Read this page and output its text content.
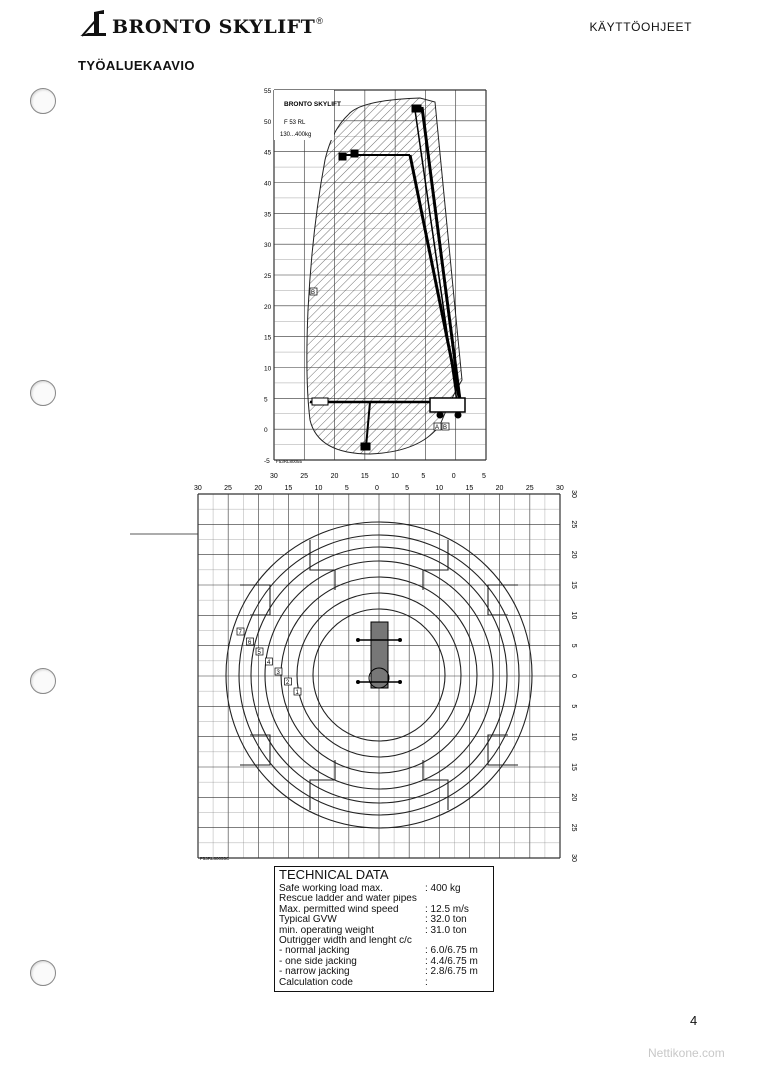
BRONTO SKYLIFT ®	KÄYTTÖOHJEET
TYÖALUEKAAVIO
BRONTO SKYLIFT
F 53 RL
130...400kg
F53RL80055
B
A B
55
50
45
40
35
30
25
20
15
10
5
0
-5
30	25	20	15	10	5	0	5
7
6
5
4
3
2
1
F53RL80055C
30	25	20	15	10	5	0	5	10	15	20	25	30
30
25
20
15
10
5
0
5
10
15
20
25
30
TECHNICAL DATA
Safe working load max.	: 400 kg
Rescue ladder and water pipes
Max. permitted wind speed	: 12.5 m/s
Typical GVW	: 32.0 ton
min. operating weight	: 31.0 ton
Outrigger width and lenght c/c
- normal jacking	: 6.0/6.75 m
- one side jacking	: 4.4/6.75 m
- narrow jacking	: 2.8/6.75 m
Calculation code	:
4
Nettikone.com
